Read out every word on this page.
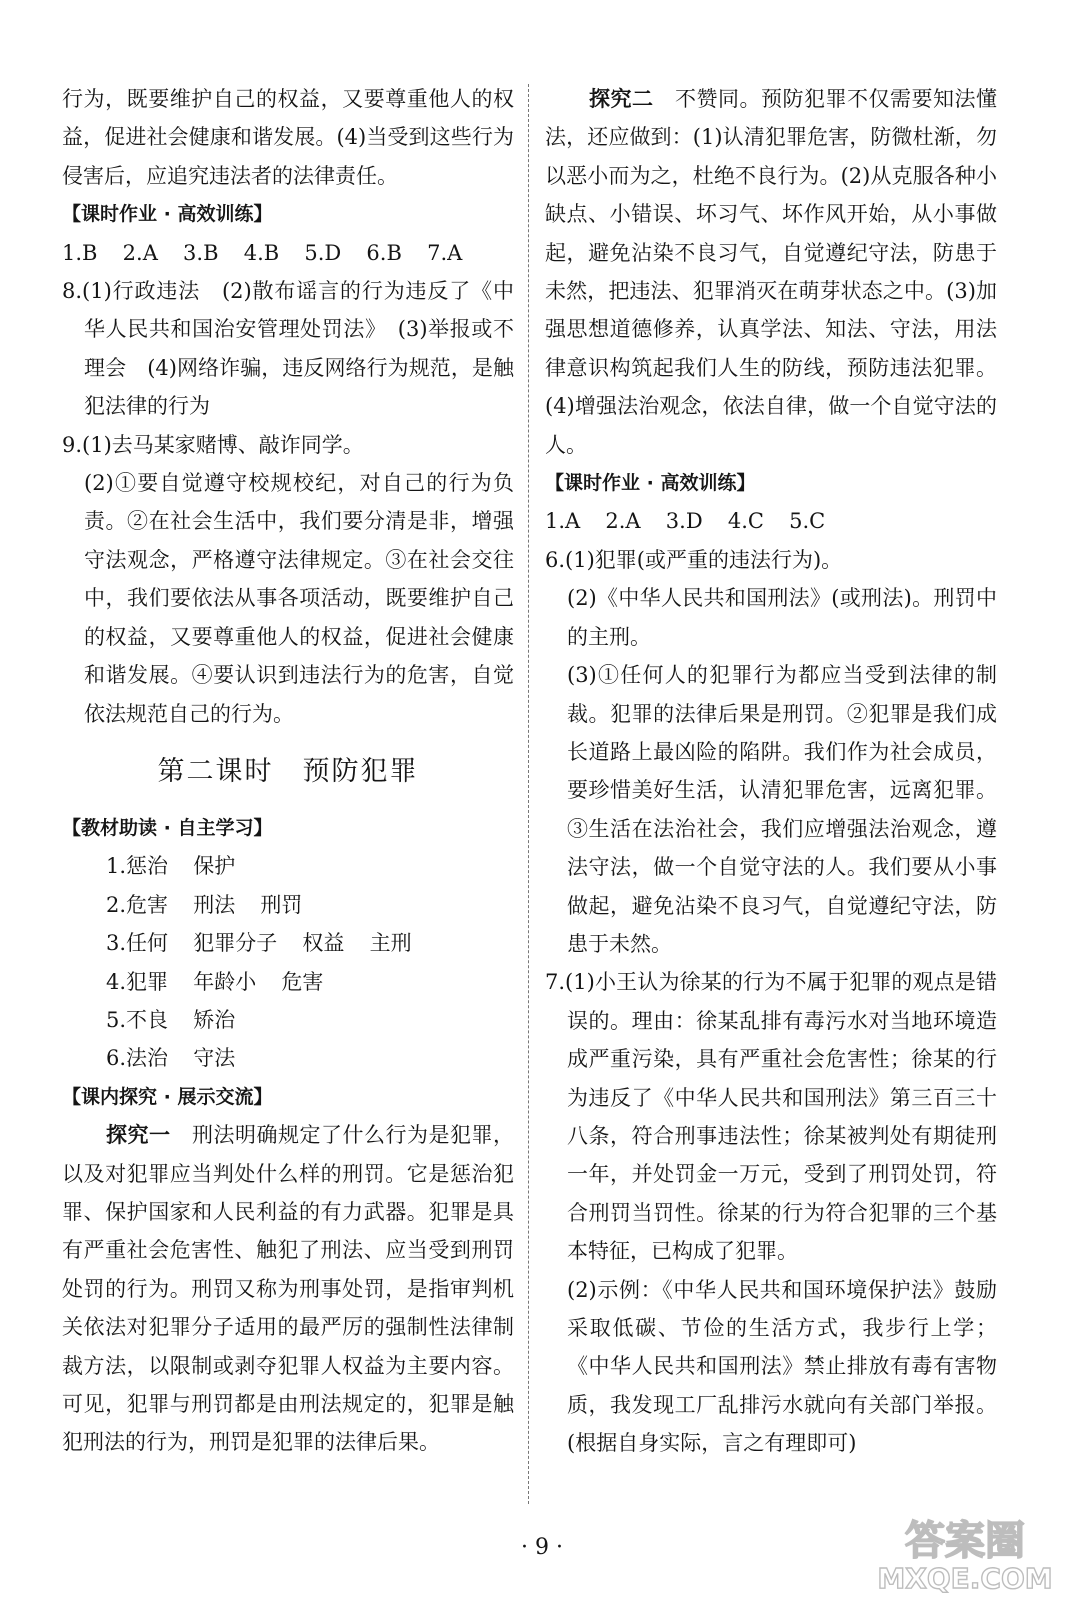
行为，既要维护自己的权益，又要尊重他人的权益，促进社会健康和谐发展。(4)当受到这些行为侵害后，应追究违法者的法律责任。

【课时作业 · 高效训练】

1.B 2.A 3.B 4.B 5.D 6.B 7.A

8.(1)行政违法　(2)散布谣言的行为违反了《中华人民共和国治安管理处罚法》　(3)举报或不理会　(4)网络诈骗，违反网络行为规范，是触犯法律的行为

9.(1)去马某家赌博、敲诈同学。

(2)①要自觉遵守校规校纪，对自己的行为负责。②在社会生活中，我们要分清是非，增强守法观念，严格遵守法律规定。③在社会交往中，我们要依法从事各项活动，既要维护自己的权益，又要尊重他人的权益，促进社会健康和谐发展。④要认识到违法行为的危害，自觉依法规范自己的行为。

第二课时　预防犯罪

【教材助读 · 自主学习】

1.惩治 保护

2.危害 刑法 刑罚

3.任何 犯罪分子 权益 主刑

4.犯罪 年龄小 危害

5.不良 矫治

6.法治 守法

【课内探究 · 展示交流】

探究一　 刑法明确规定了什么行为是犯罪，以及对犯罪应当判处什么样的刑罚。它是惩治犯罪、保护国家和人民利益的有力武器。犯罪是具有严重社会危害性、触犯了刑法、应当受到刑罚处罚的行为。刑罚又称为刑事处罚，是指审判机关依法对犯罪分子适用的最严厉的强制性法律制裁方法，以限制或剥夺犯罪人权益为主要内容。可见，犯罪与刑罚都是由刑法规定的，犯罪是触犯刑法的行为，刑罚是犯罪的法律后果。

探究二　 不赞同。预防犯罪不仅需要知法懂法，还应做到：(1)认清犯罪危害，防微杜渐，勿以恶小而为之，杜绝不良行为。(2)从克服各种小缺点、小错误、坏习气、坏作风开始，从小事做起，避免沾染不良习气，自觉遵纪守法，防患于未然，把违法、犯罪消灭在萌芽状态之中。(3)加强思想道德修养，认真学法、知法、守法，用法律意识构筑起我们人生的防线，预防违法犯罪。(4)增强法治观念，依法自律，做一个自觉守法的人。

【课时作业 · 高效训练】

1.A 2.A 3.D 4.C 5.C

6.(1)犯罪(或严重的违法行为)。

(2)《中华人民共和国刑法》(或刑法)。刑罚中的主刑。

(3)①任何人的犯罪行为都应当受到法律的制裁。犯罪的法律后果是刑罚。②犯罪是我们成长道路上最凶险的陷阱。我们作为社会成员，要珍惜美好生活，认清犯罪危害，远离犯罪。③生活在法治社会，我们应增强法治观念，遵法守法，做一个自觉守法的人。我们要从小事做起，避免沾染不良习气，自觉遵纪守法，防患于未然。

7.(1)小王认为徐某的行为不属于犯罪的观点是错误的。理由：徐某乱排有毒污水对当地环境造成严重污染，具有严重社会危害性；徐某的行为违反了《中华人民共和国刑法》第三百三十八条，符合刑事违法性；徐某被判处有期徒刑一年，并处罚金一万元，受到了刑罚处罚，符合刑罚当罚性。徐某的行为符合犯罪的三个基本特征，已构成了犯罪。

(2)示例：《中华人民共和国环境保护法》鼓励采取低碳、节俭的生活方式，我步行上学；《中华人民共和国刑法》禁止排放有毒有害物质，我发现工厂乱排污水就向有关部门举报。(根据自身实际，言之有理即可)

· 9 ·	答案圈
MXQE.COM
